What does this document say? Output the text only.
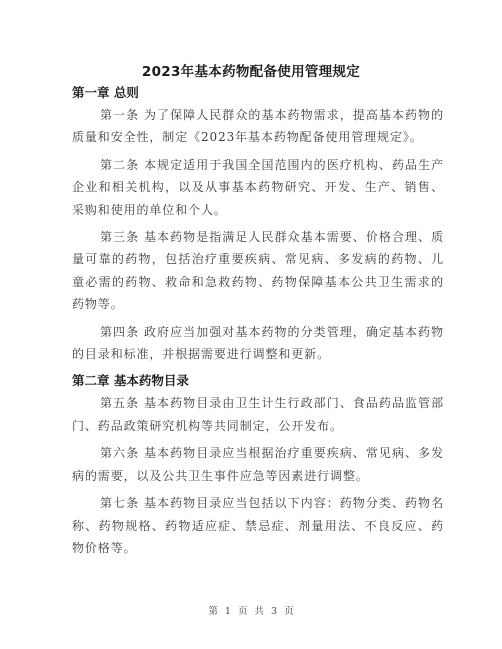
2023年基本药物配备使用管理规定
第一章 总则

第一条 为了保障人民群众的基本药物需求，提高基本药物的质量和安全性，制定《2023年基本药物配备使用管理规定》。

第二条 本规定适用于我国全国范围内的医疗机构、药品生产企业和相关机构，以及从事基本药物研究、开发、生产、销售、采购和使用的单位和个人。

第三条 基本药物是指满足人民群众基本需要、价格合理、质量可靠的药物，包括治疗重要疾病、常见病、多发病的药物、儿童必需的药物、救命和急救药物、药物保障基本公共卫生需求的药物等。

第四条 政府应当加强对基本药物的分类管理，确定基本药物的目录和标准，并根据需要进行调整和更新。

第二章 基本药物目录

第五条 基本药物目录由卫生计生行政部门、食品药品监管部门、药品政策研究机构等共同制定，公开发布。

第六条 基本药物目录应当根据治疗重要疾病、常见病、多发病的需要，以及公共卫生事件应急等因素进行调整。

第七条 基本药物目录应当包括以下内容：药物分类、药物名称、药物规格、药物适应症、禁忌症、剂量用法、不良反应、药物价格等。

第 1 页 共 3 页
